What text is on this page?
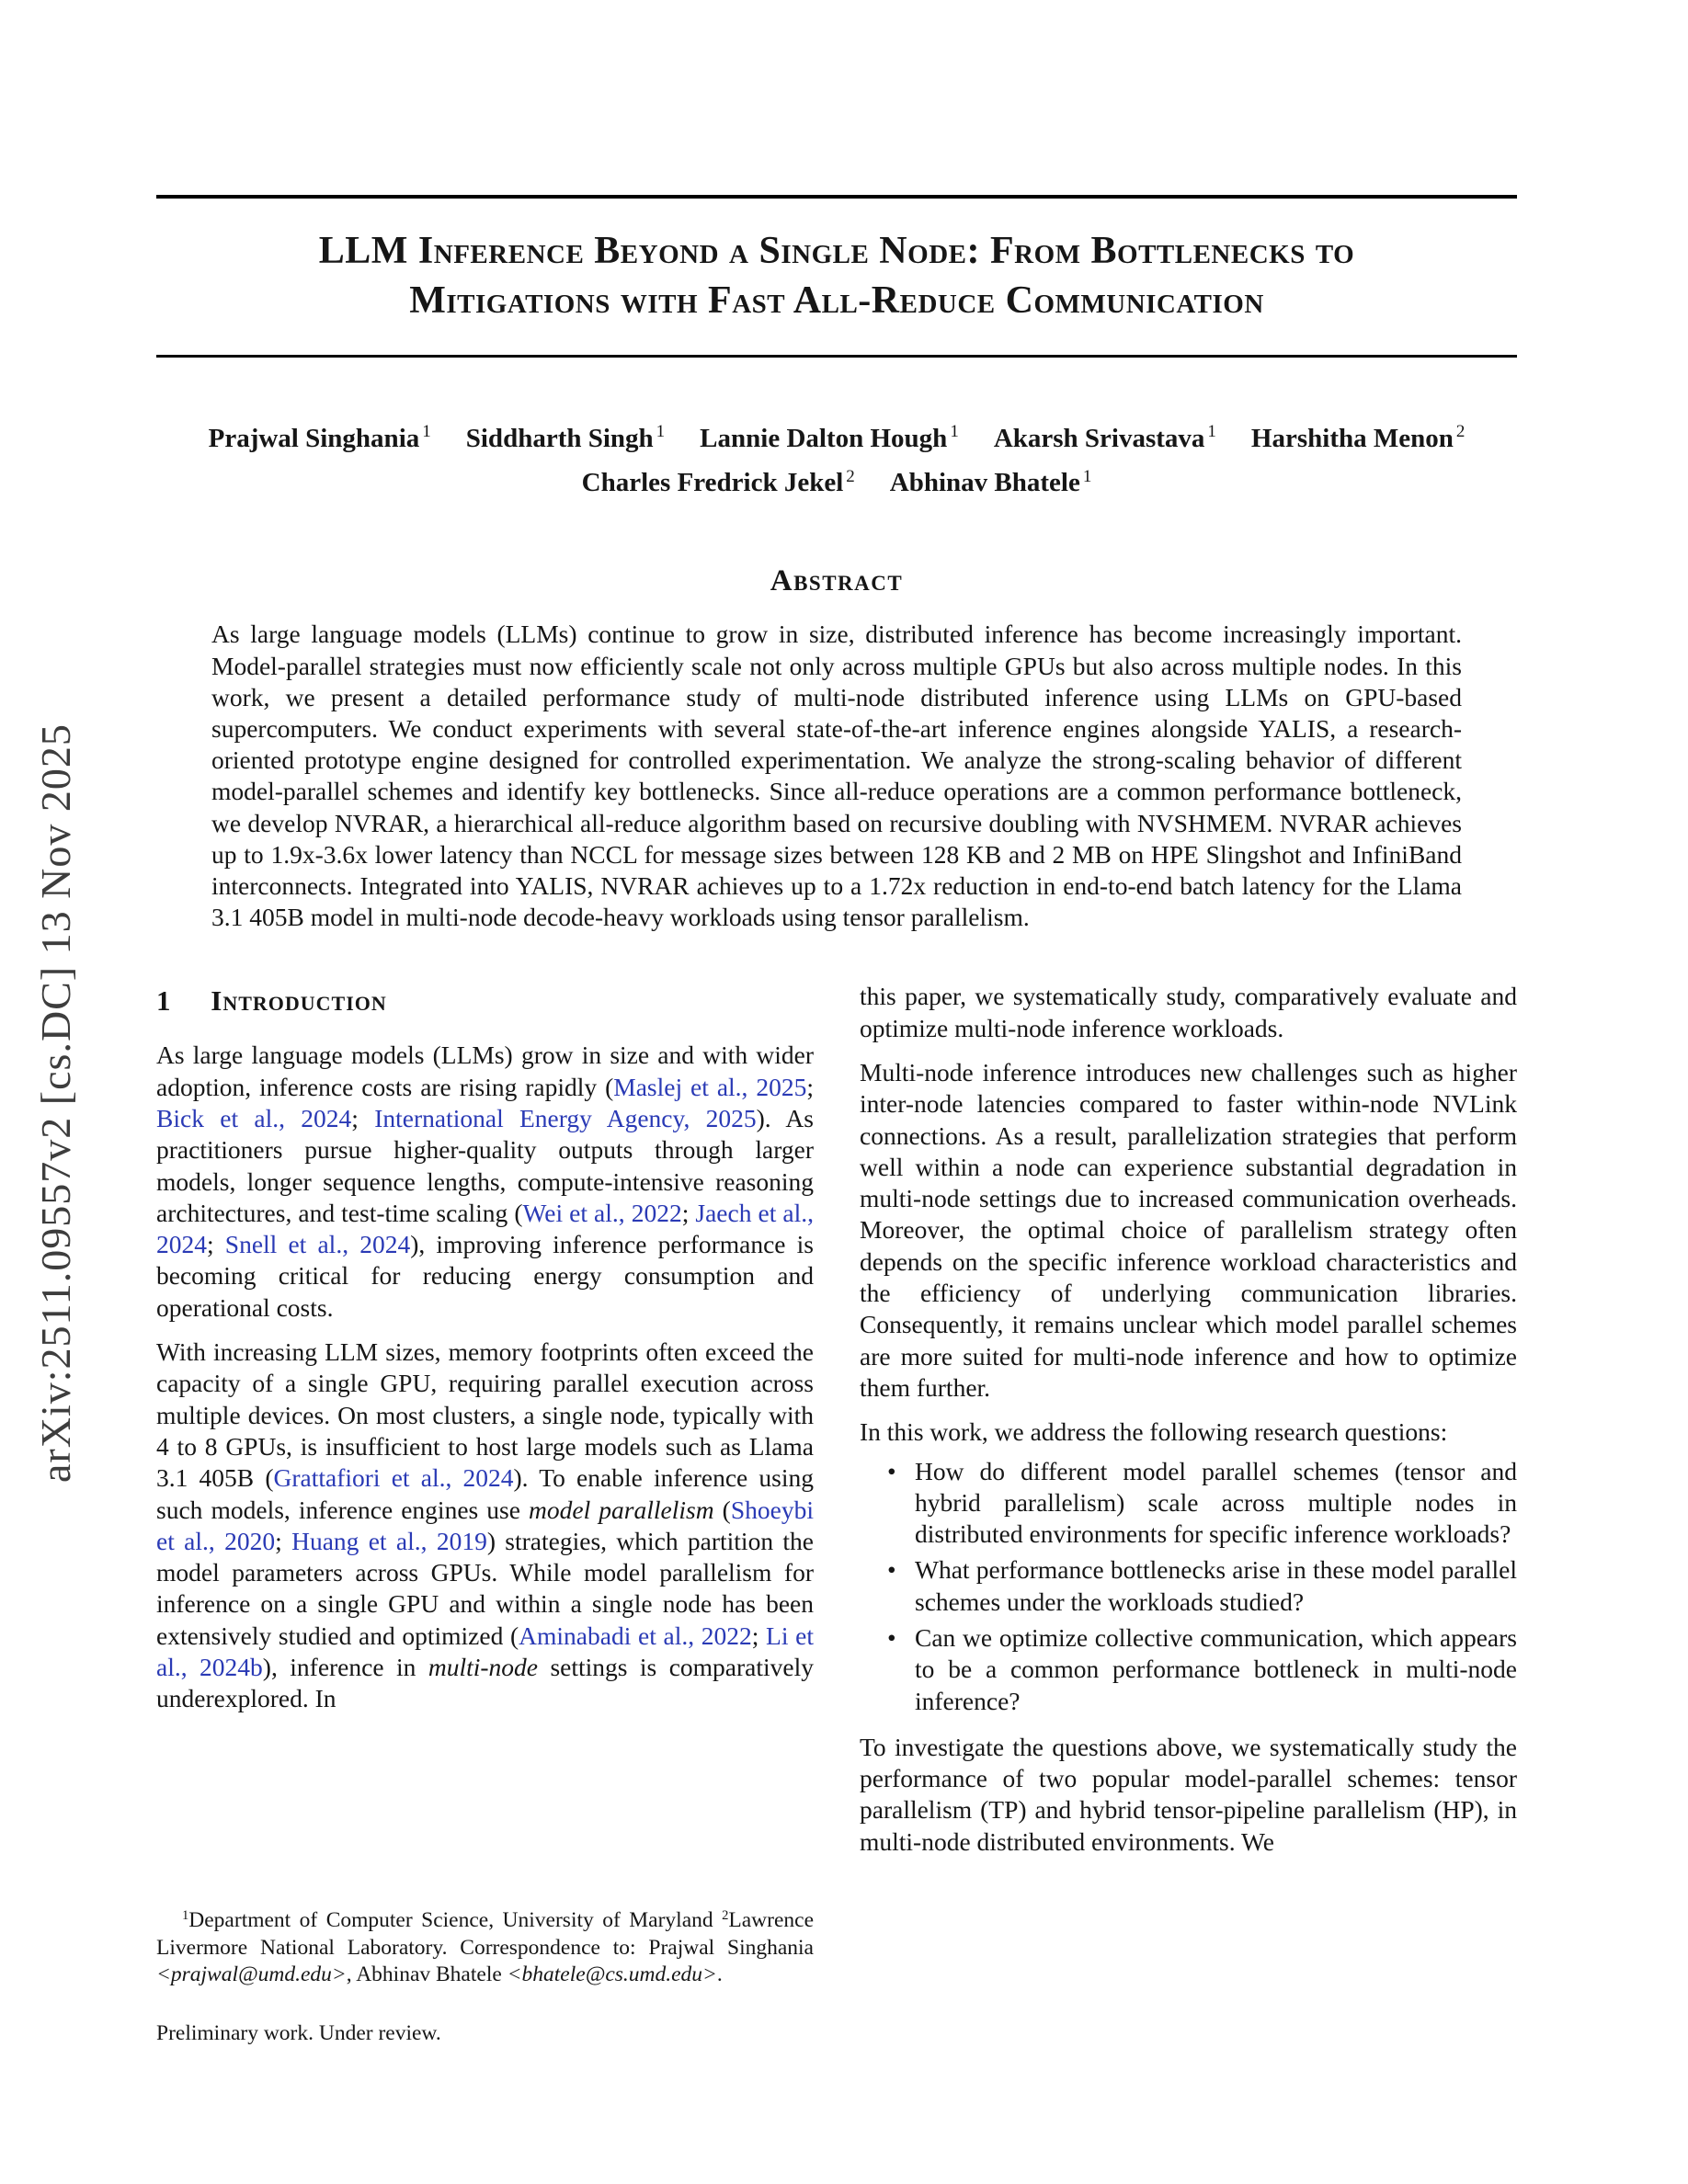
arXiv:2511.09557v2 [cs.DC] 13 Nov 2025
LLM Inference Beyond a Single Node: From Bottlenecks to
Mitigations with Fast All-Reduce Communication
Prajwal Singhania $^1$ Siddharth Singh $^1$ Lannie Dalton Hough $^1$ Akarsh Srivastava $^1$ Harshitha Menon $^2$
Charles Fredrick Jekel $^2$ Abhinav Bhatele $^1$
Abstract

As large language models (LLMs) continue to grow in size, distributed inference has become increasingly important. Model-parallel strategies must now efficiently scale not only across multiple GPUs but also across multiple nodes. In this work, we present a detailed performance study of multi-node distributed inference using LLMs on GPU-based supercomputers. We conduct experiments with several state-of-the-art inference engines alongside YALIS, a research-oriented prototype engine designed for controlled experimentation. We analyze the strong-scaling behavior of different model-parallel schemes and identify key bottlenecks. Since all-reduce operations are a common performance bottleneck, we develop NVRAR, a hierarchical all-reduce algorithm based on recursive doubling with NVSHMEM. NVRAR achieves up to 1.9x-3.6x lower latency than NCCL for message sizes between 128 KB and 2 MB on HPE Slingshot and InfiniBand interconnects. Integrated into YALIS, NVRAR achieves up to a 1.72x reduction in end-to-end batch latency for the Llama 3.1 405B model in multi-node decode-heavy workloads using tensor parallelism.

1 Introduction

As large language models (LLMs) grow in size and with wider adoption, inference costs are rising rapidly (Maslej et al., 2025; Bick et al., 2024; International Energy Agency, 2025). As practitioners pursue higher-quality outputs through larger models, longer sequence lengths, compute-intensive reasoning architectures, and test-time scaling (Wei et al., 2022; Jaech et al., 2024; Snell et al., 2024), improving inference performance is becoming critical for reducing energy consumption and operational costs.

With increasing LLM sizes, memory footprints often exceed the capacity of a single GPU, requiring parallel execution across multiple devices. On most clusters, a single node, typically with 4 to 8 GPUs, is insufficient to host large models such as Llama 3.1 405B (Grattafiori et al., 2024). To enable inference using such models, inference engines use model parallelism (Shoeybi et al., 2020; Huang et al., 2019) strategies, which partition the model parameters across GPUs. While model parallelism for inference on a single GPU and within a single node has been extensively studied and optimized (Aminabadi et al., 2022; Li et al., 2024b), inference in multi-node settings is comparatively underexplored. In

$^1$Department of Computer Science, University of Maryland $^2$Lawrence Livermore National Laboratory. Correspondence to: Prajwal Singhania <prajwal@umd.edu>, Abhinav Bhatele <bhatele@cs.umd.edu>.

Preliminary work. Under review.

this paper, we systematically study, comparatively evaluate and optimize multi-node inference workloads.

Multi-node inference introduces new challenges such as higher inter-node latencies compared to faster within-node NVLink connections. As a result, parallelization strategies that perform well within a node can experience substantial degradation in multi-node settings due to increased communication overheads. Moreover, the optimal choice of parallelism strategy often depends on the specific inference workload characteristics and the efficiency of underlying communication libraries. Consequently, it remains unclear which model parallel schemes are more suited for multi-node inference and how to optimize them further.

In this work, we address the following research questions:

• How do different model parallel schemes (tensor and hybrid parallelism) scale across multiple nodes in distributed environments for specific inference workloads?
• What performance bottlenecks arise in these model parallel schemes under the workloads studied?
• Can we optimize collective communication, which appears to be a common performance bottleneck in multi-node inference?

To investigate the questions above, we systematically study the performance of two popular model-parallel schemes: tensor parallelism (TP) and hybrid tensor-pipeline parallelism (HP), in multi-node distributed environments. We
